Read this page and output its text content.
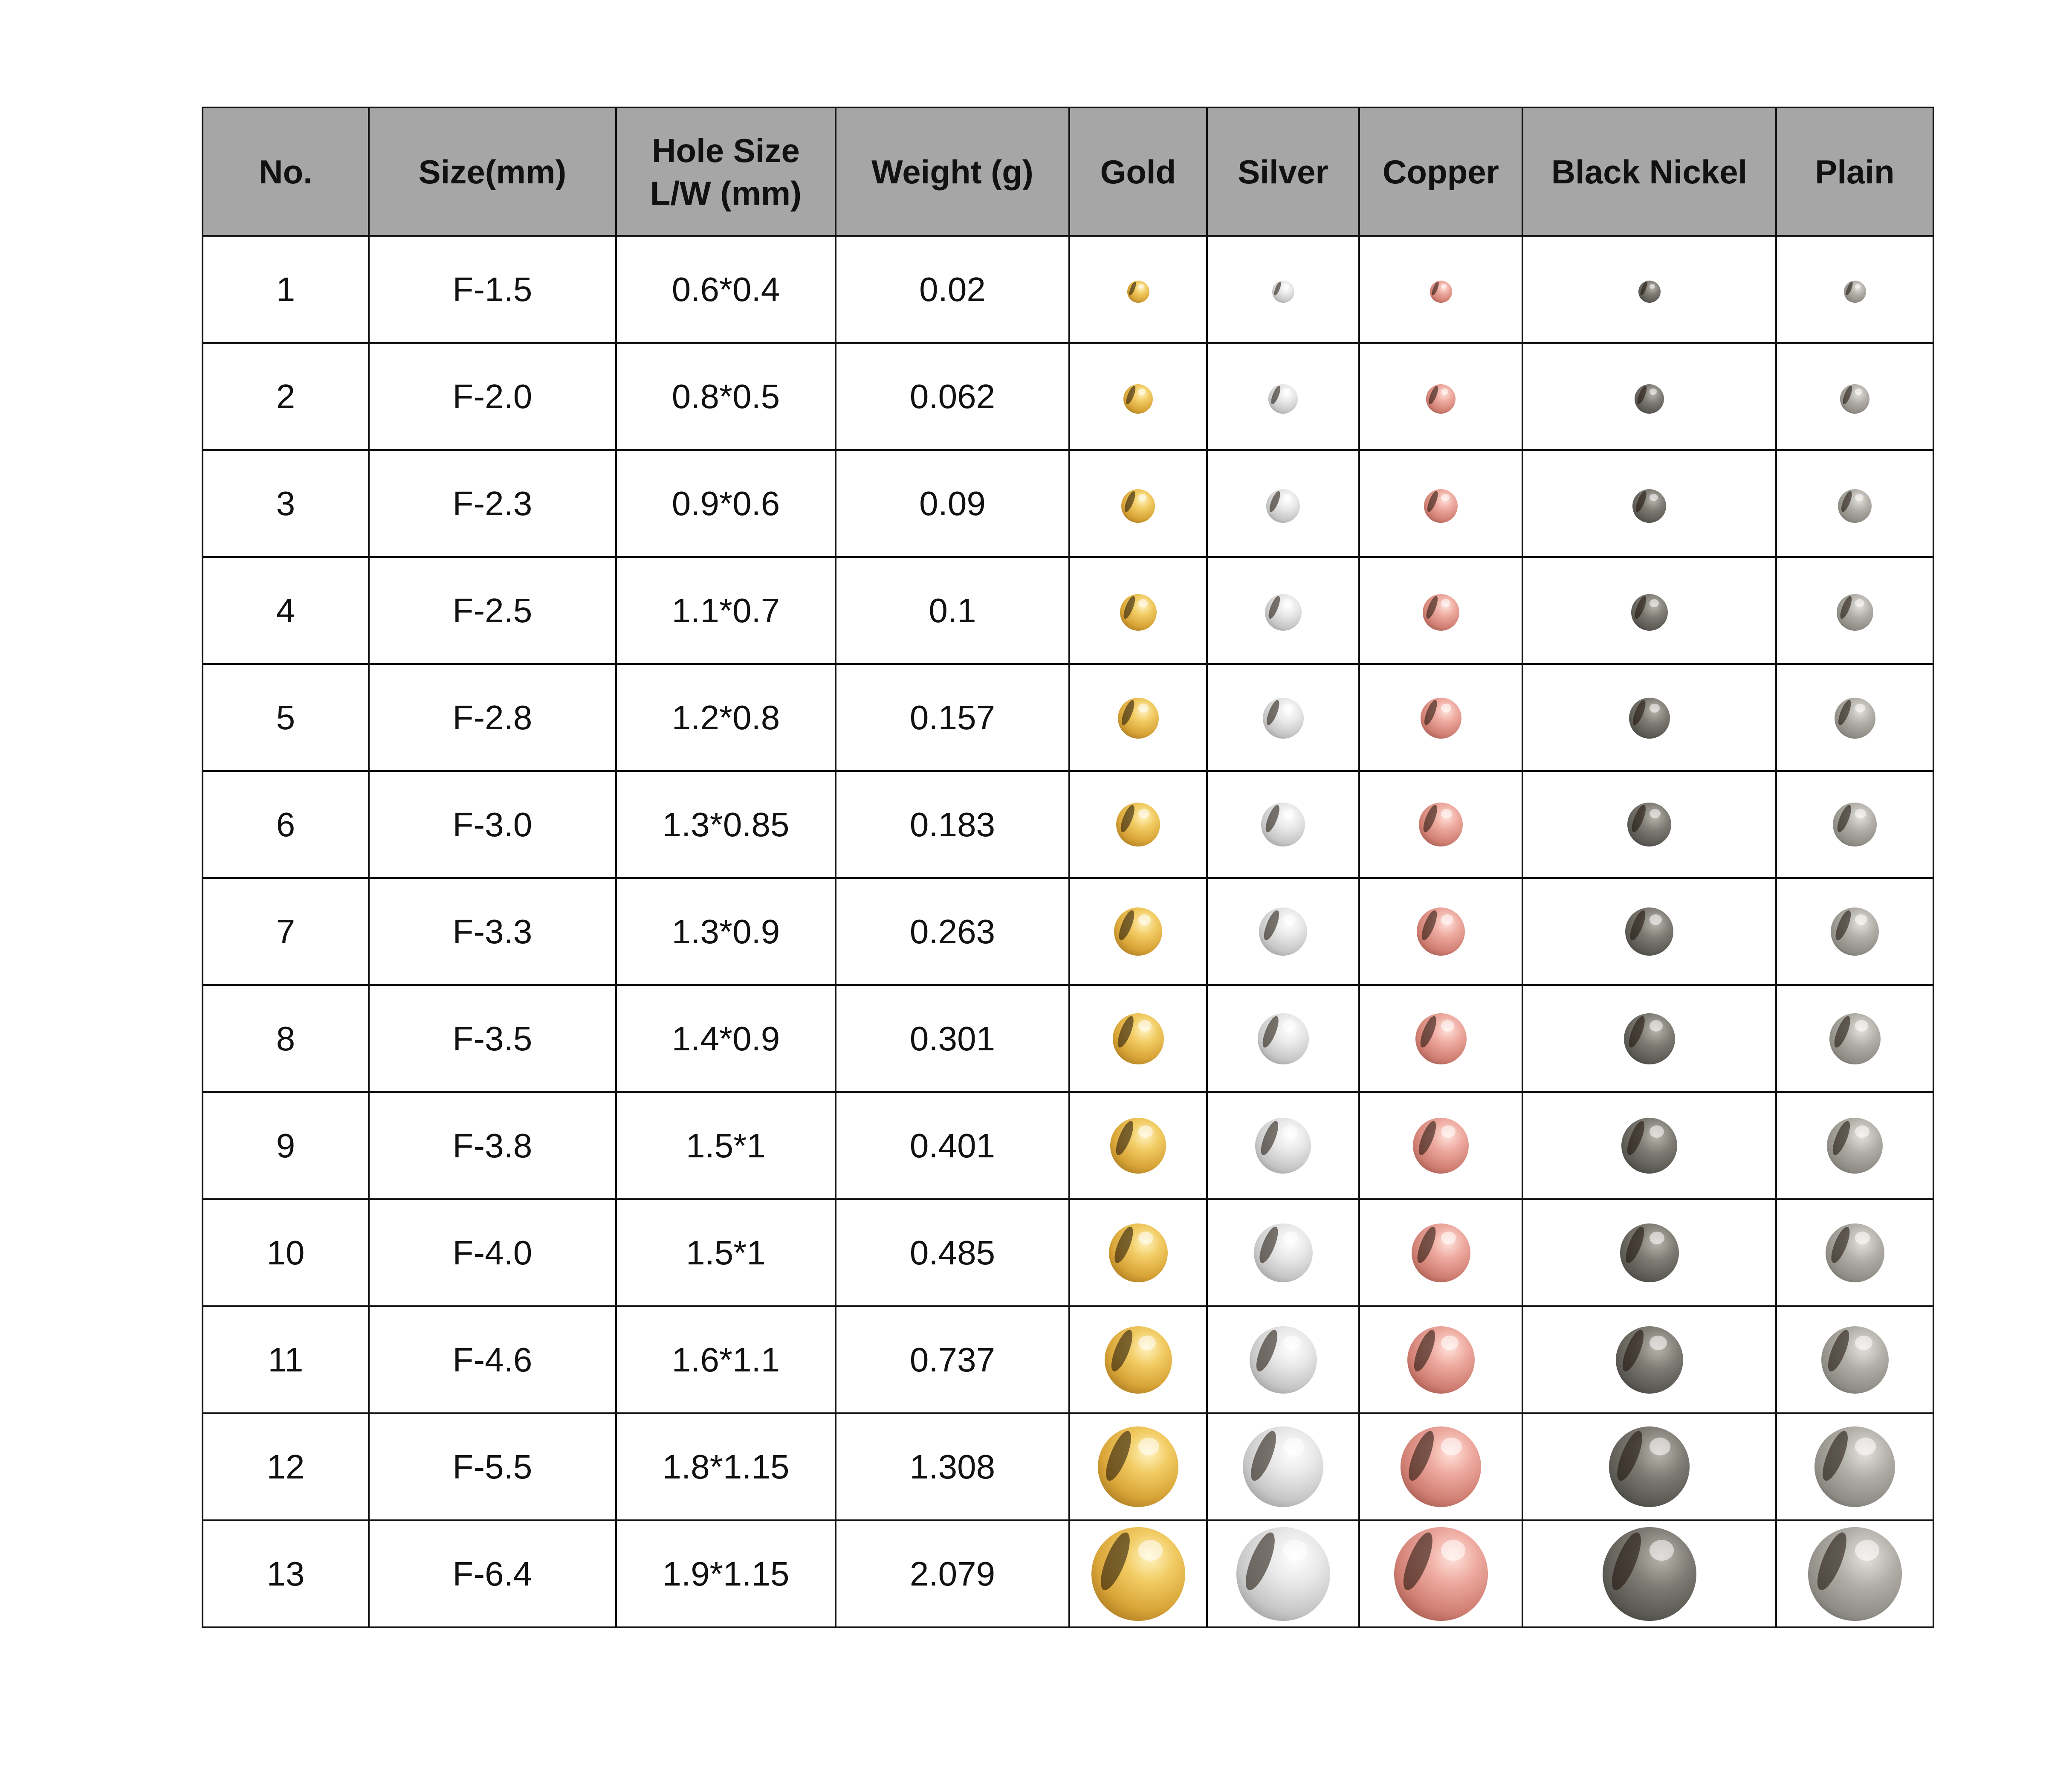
No.	Size(mm)	Hole Size
L/W (mm)	Weight (g)	Gold	Silver	Copper	Black Nickel	Plain
1	F-1.5	0.6*0.4	0.02					
2	F-2.0	0.8*0.5	0.062					
3	F-2.3	0.9*0.6	0.09					
4	F-2.5	1.1*0.7	0.1					
5	F-2.8	1.2*0.8	0.157					
6	F-3.0	1.3*0.85	0.183					
7	F-3.3	1.3*0.9	0.263					
8	F-3.5	1.4*0.9	0.301					
9	F-3.8	1.5*1	0.401					
10	F-4.0	1.5*1	0.485					
11	F-4.6	1.6*1.1	0.737					
12	F-5.5	1.8*1.15	1.308					
13	F-6.4	1.9*1.15	2.079					
